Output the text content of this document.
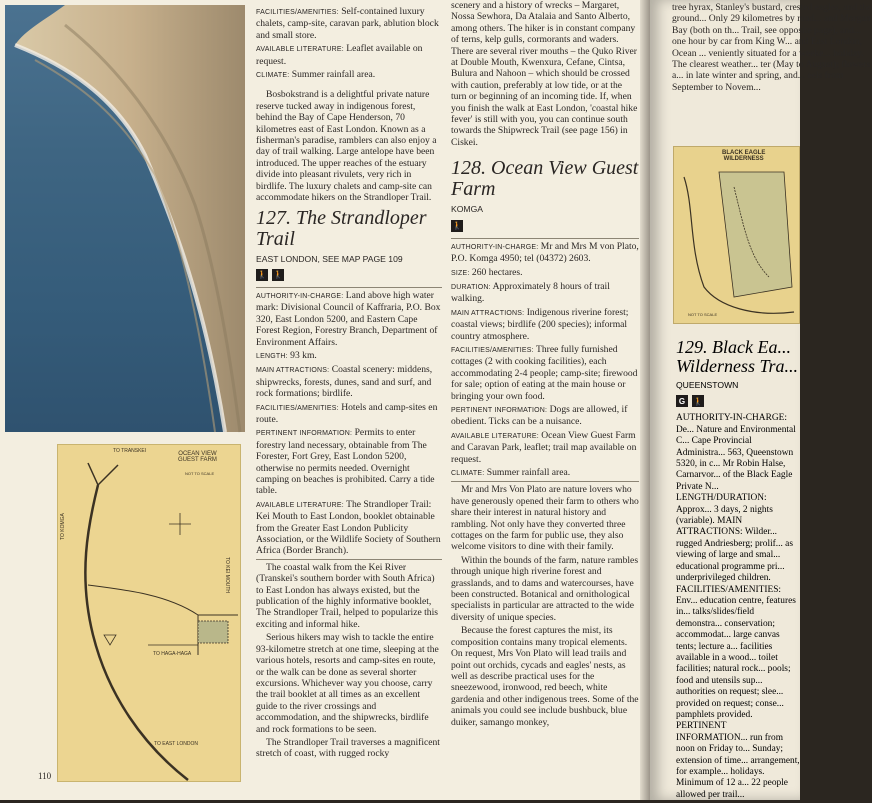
TO TRANSKEI	OCEAN VIEW
GUEST FARM
NOT TO SCALE
TO KOMGA
TO HAGA-HAGA
TO EAST LONDON
TO KEI MOUTH

FACILITIES/AMENITIES: Self-contained luxury chalets, camp-site, caravan park, ablution block and small store.

AVAILABLE LITERATURE: Leaflet available on request.

CLIMATE: Summer rainfall area.

Bosbokstrand is a delightful private nature reserve tucked away in indigenous forest, behind the Bay of Cape Henderson, 70 kilometres east of East London. Known as a fisherman's paradise, ramblers can also enjoy a day of trail walking. Large antelope have been introduced. The upper reaches of the estuary divide into pleasant rivulets, very rich in birdlife. The luxury chalets and camp-site can accommodate hikers on the Strandloper Trail.

127. The Strandloper Trail
EAST LONDON, SEE MAP PAGE 109
🚶 🚶

AUTHORITY-IN-CHARGE: Land above high water mark: Divisional Council of Kaffraria, P.O. Box 320, East London 5200, and Eastern Cape Forest Region, Forestry Branch, Department of Environment Affairs.

LENGTH: 93 km.

MAIN ATTRACTIONS: Coastal scenery: middens, shipwrecks, forests, dunes, sand and surf, and rock formations; birdlife.

FACILITIES/AMENITIES: Hotels and camp-sites en route.

PERTINENT INFORMATION: Permits to enter forestry land necessary, obtainable from The Forester, Fort Grey, East London 5200, otherwise no permits needed. Overnight camping on beaches is prohibited. Carry a tide table.

AVAILABLE LITERATURE: The Strandloper Trail: Kei Mouth to East London, booklet obtainable from the Greater East London Publicity Association, or the Wildlife Society of Southern Africa (Border Branch).

The coastal walk from the Kei River (Transkei's southern border with South Africa) to East London has always existed, but the publication of the highly informative booklet, The Strandloper Trail, helped to popularize this exciting and informal hike.

Serious hikers may wish to tackle the entire 93-kilometre stretch at one time, sleeping at the various hotels, resorts and camp-sites en route, or the walk can be done as several shorter excursions. Whichever way you choose, carry the trail booklet at all times as an excellent guide to the river crossings and accommodation, and the shipwrecks, birdlife and rock formations to be seen.

The Strandloper Trail traverses a magnificent stretch of coast, with rugged rocky

scenery and a history of wrecks – Margaret, Nossa Sewhora, Da Atalaia and Santo Alberto, among others. The hiker is in constant company of terns, kelp gulls, cormorants and waders. There are several river mouths – the Quko River at Double Mouth, Kwenxura, Cefane, Cintsa, Bulura and Nahoon – which should be crossed with caution, preferably at low tide, or at the turn or beginning of an incoming tide. If, when you finish the walk at East London, 'coastal hike fever' is still with you, you can continue south towards the Shipwreck Trail (see page 156) in Ciskei.

128. Ocean View Guest Farm
KOMGA
🚶

AUTHORITY-IN-CHARGE: Mr and Mrs M von Plato, P.O. Komga 4950; tel (04372) 2603.

SIZE: 260 hectares.

DURATION: Approximately 8 hours of trail walking.

MAIN ATTRACTIONS: Indigenous riverine forest; coastal views; birdlife (200 species); informal country atmosphere.

FACILITIES/AMENITIES: Three fully furnished cottages (2 with cooking facilities), each accommodating 2-4 people; camp-site; firewood for sale; option of eating at the main house or bringing your own food.

PERTINENT INFORMATION: Dogs are allowed, if obedient. Ticks can be a nuisance.

AVAILABLE LITERATURE: Ocean View Guest Farm and Caravan Park, leaflet; trail map available on request.

CLIMATE: Summer rainfall area.

Mr and Mrs Von Plato are nature lovers who have generously opened their farm to others who share their interest in natural history and rambling. Not only have they converted three cottages on the farm for public use, they also welcome visitors to dine with their family.

Within the bounds of the farm, nature rambles through unique high riverine forest and grasslands, and to dams and watercourses, have been constructed. Botanical and ornithological specialists in particular are attracted to the wide diversity of unique species.

Because the forest captures the mist, its composition contains many tropical elements. On request, Mrs Von Plato will lead trails and point out orchids, cycads and eagles' nests, as well as describe practical uses for the sneezewood, ironwood, red beech, white gardenia and other indigenous trees. Some of the animals you could see include bushbuck, blue duiker, samango monkey,

110
tree hyrax, Stanley's bustard, crested eagles, and the ground... Only 29 kilometres by road... and Morgan Bay (both on th... Trail, see opposite page), and... one hour by car from King W... and East London, Ocean ... veniently situated for a weeke... holiday. The clearest weather... ter (May to August); flowers a... in late winter and spring, and... eels from September to Novem...
BLACK EAGLE
WILDERNESS
NOT TO SCALE
129. Black Ea... Wilderness Tra...
QUEENSTOWN
G 🚶

AUTHORITY-IN-CHARGE: De... Nature and Environmental C... Cape Provincial Administra... 563, Queenstown 5320, in c... Mr Robin Halse, Carnarvor... of the Black Eagle Private N... LENGTH/DURATION: Approx... 3 days, 2 nights (variable). MAIN ATTRACTIONS: Wilder... rugged Andriesberg; prolif... as viewing of large and smal... educational programme pri... underprivileged children. FACILITIES/AMENITIES: Env... education centre, features in... talks/slides/field demonstra... conservation; accommodat... large canvas tents; lecture a... facilities available in a wood... toilet facilities; natural rock... pools; food and utensils sup... authorities on request; slee... provided on request; conse... pamphlets provided. PERTINENT INFORMATION... run from noon on Friday to... Sunday; extension of time... arrangement, for example... holidays. Minimum of 12 a... 22 people allowed per trail...
